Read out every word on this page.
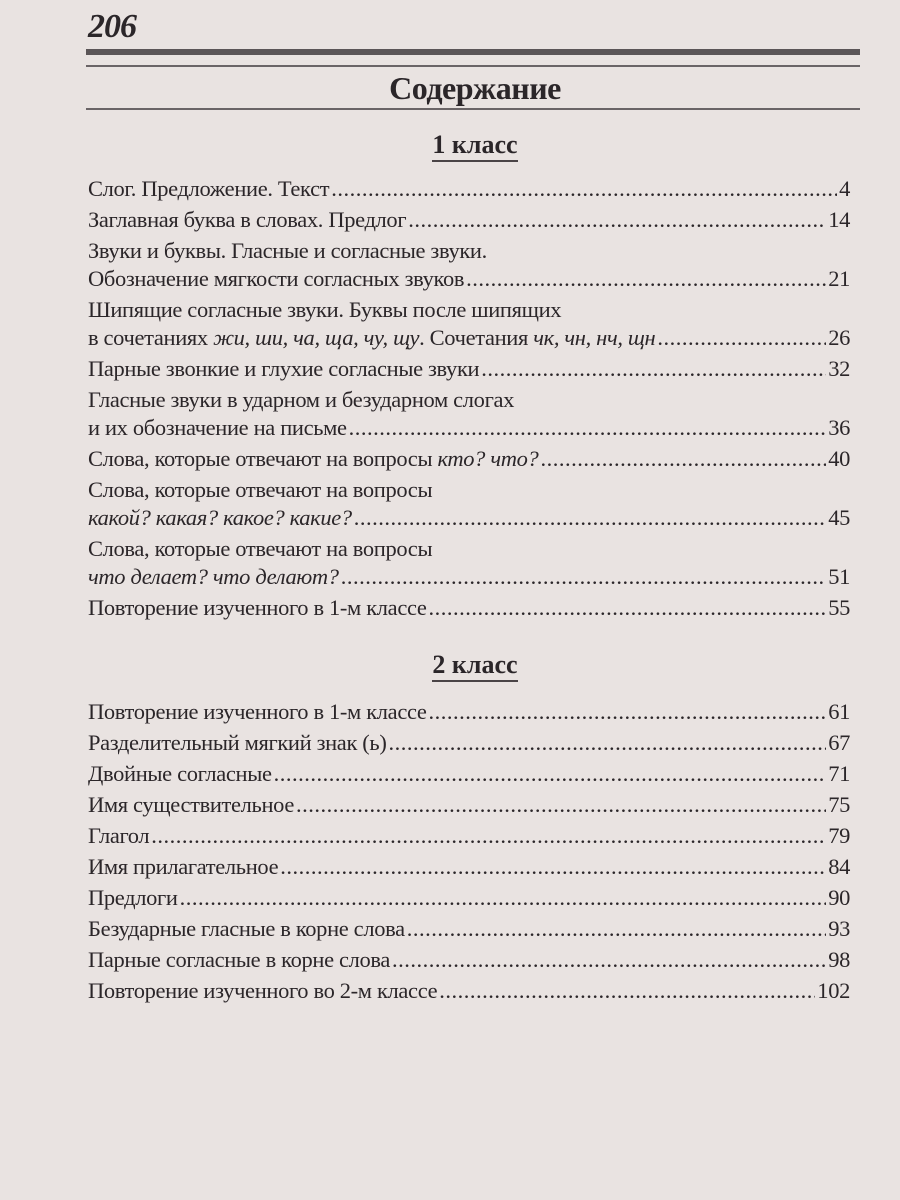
206
Содержание
1 класс
Слог. Предложение. Текст .....	4
Заглавная буква в словах. Предлог .....	14
Звуки и буквы. Гласные и согласные звуки.
Обозначение мягкости согласных звуков .....	21
Шипящие согласные звуки. Буквы после шипящих
в сочетаниях жи, ши, ча, ща, чу, щу. Сочетания чк, чн, нч, щн .....	26
Парные звонкие и глухие согласные звуки .....	32
Гласные звуки в ударном и безударном слогах
и их обозначение на письме .....	36
Слова, которые отвечают на вопросы кто? что? .....	40
Слова, которые отвечают на вопросы
какой? какая? какое? какие? .....	45
Слова, которые отвечают на вопросы
что делает? что делают? .....	51
Повторение изученного в 1-м классе .....	55
2 класс
Повторение изученного в 1-м классе .....	61
Разделительный мягкий знак (ь) .....	67
Двойные согласные .....	71
Имя существительное .....	75
Глагол .....	79
Имя прилагательное .....	84
Предлоги .....	90
Безударные гласные в корне слова .....	93
Парные согласные в корне слова .....	98
Повторение изученного во 2-м классе .....	102
